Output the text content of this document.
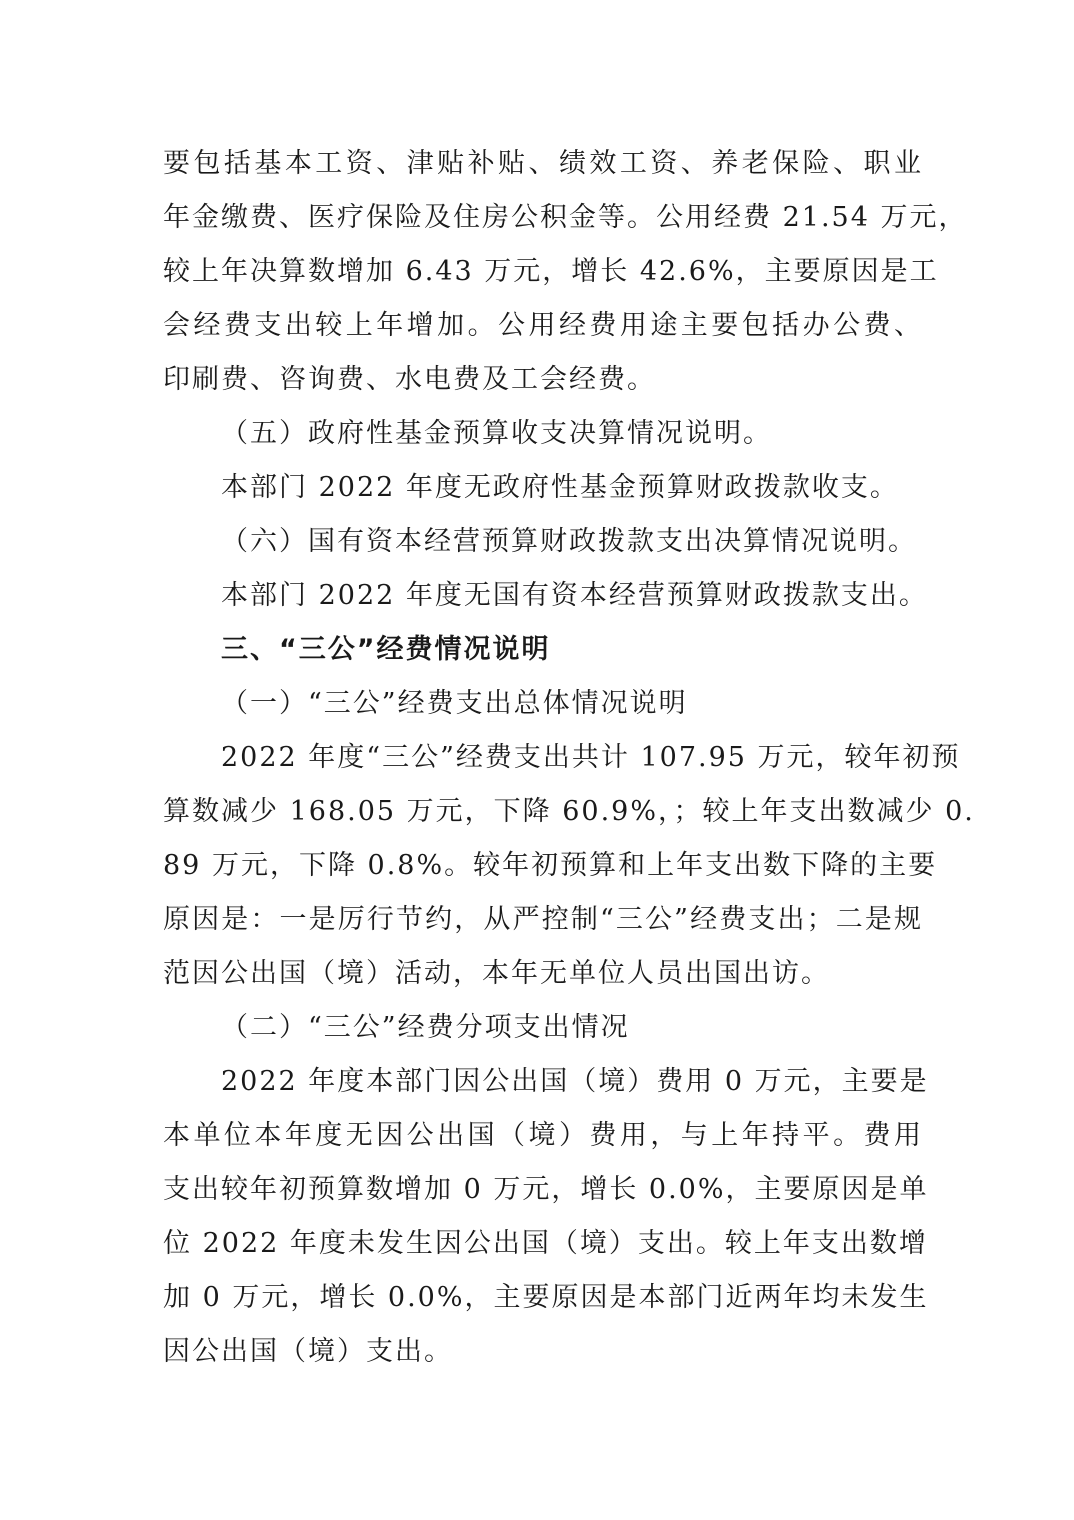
要包括基本工资、津贴补贴、绩效工资、养老保险、职业
年金缴费、医疗保险及住房公积金等。公用经费 21.54 万元，
较上年决算数增加 6.43 万元，增长 42.6%，主要原因是工
会经费支出较上年增加。公用经费用途主要包括办公费、
印刷费、咨询费、水电费及工会经费。
（五）政府性基金预算收支决算情况说明。
本部门 2022 年度无政府性基金预算财政拨款收支。
（六）国有资本经营预算财政拨款支出决算情况说明。
本部门 2022 年度无国有资本经营预算财政拨款支出。
三、“三公”经费情况说明
（一）“三公”经费支出总体情况说明
2022 年度“三公”经费支出共计 107.95 万元，较年初预
算数减少 168.05 万元，下降 60.9%，；较上年支出数减少 0.
89 万元，下降 0.8%。较年初预算和上年支出数下降的主要
原因是：一是厉行节约，从严控制“三公”经费支出；二是规
范因公出国（境）活动，本年无单位人员出国出访。
（二）“三公”经费分项支出情况
2022 年度本部门因公出国（境）费用 0 万元，主要是
本单位本年度无因公出国（境）费用，与上年持平。费用
支出较年初预算数增加 0 万元，增长 0.0%，主要原因是单
位 2022 年度未发生因公出国（境）支出。较上年支出数增
加 0 万元，增长 0.0%，主要原因是本部门近两年均未发生
因公出国（境）支出。
